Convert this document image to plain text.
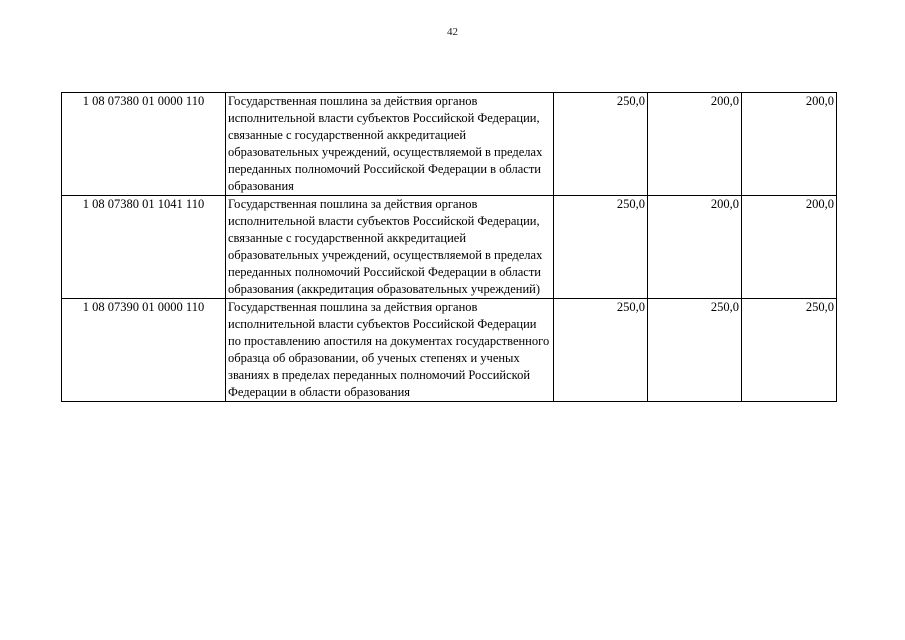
42
1 08 07380 01 0000 110	Государственная пошлина за действия органов исполнительной власти субъектов Российской Федерации, связанные с государственной аккредитацией образовательных учреждений, осуществляемой в пределах переданных полномочий Российской Федерации в области образования	250,0	200,0	200,0
1 08 07380 01 1041 110	Государственная пошлина за действия органов исполнительной власти субъектов Российской Федерации, связанные с государственной аккредитацией образовательных учреждений, осуществляемой в пределах переданных полномочий Российской Федерации в области образования (аккредитация образовательных учреждений)	250,0	200,0	200,0
1 08 07390 01 0000 110	Государственная пошлина за действия органов исполнительной власти субъектов Российской Федерации по проставлению апостиля на документах государственного образца об образовании, об ученых степенях и ученых званиях в пределах переданных полномочий Российской Федерации в области образования	250,0	250,0	250,0
